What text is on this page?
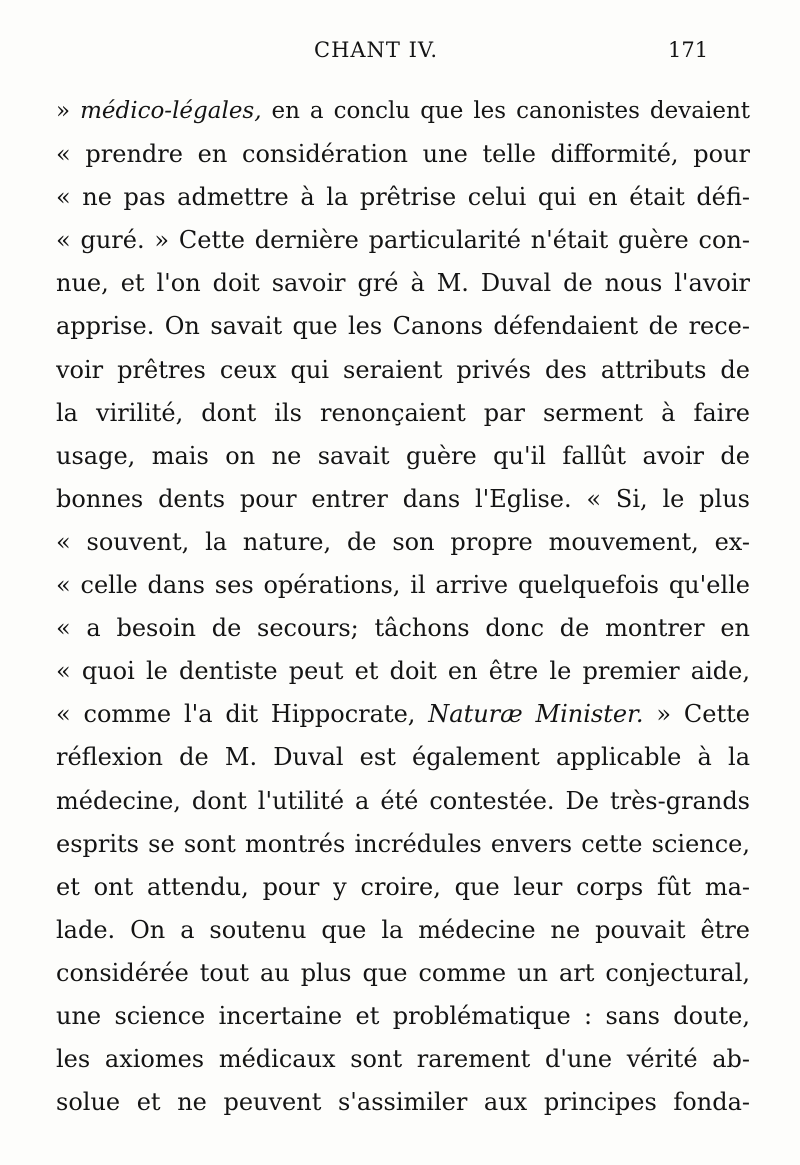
CHANT IV.	171
» médico-légales, en a conclu que les canonistes devaient
« prendre en considération une telle difformité, pour
« ne pas admettre à la prêtrise celui qui en était défi-
« guré. » Cette dernière particularité n'était guère con-
nue, et l'on doit savoir gré à M. Duval de nous l'avoir
apprise. On savait que les Canons défendaient de rece-
voir prêtres ceux qui seraient privés des attributs de
la virilité, dont ils renonçaient par serment à faire
usage, mais on ne savait guère qu'il fallût avoir de
bonnes dents pour entrer dans l'Eglise. « Si, le plus
« souvent, la nature, de son propre mouvement, ex-
« celle dans ses opérations, il arrive quelquefois qu'elle
« a besoin de secours; tâchons donc de montrer en
« quoi le dentiste peut et doit en être le premier aide,
« comme l'a dit Hippocrate, Naturæ Minister. » Cette
réflexion de M. Duval est également applicable à la
médecine, dont l'utilité a été contestée. De très-grands
esprits se sont montrés incrédules envers cette science,
et ont attendu, pour y croire, que leur corps fût ma-
lade. On a soutenu que la médecine ne pouvait être
considérée tout au plus que comme un art conjectural,
une science incertaine et problématique : sans doute,
les axiomes médicaux sont rarement d'une vérité ab-
solue et ne peuvent s'assimiler aux principes fonda-
